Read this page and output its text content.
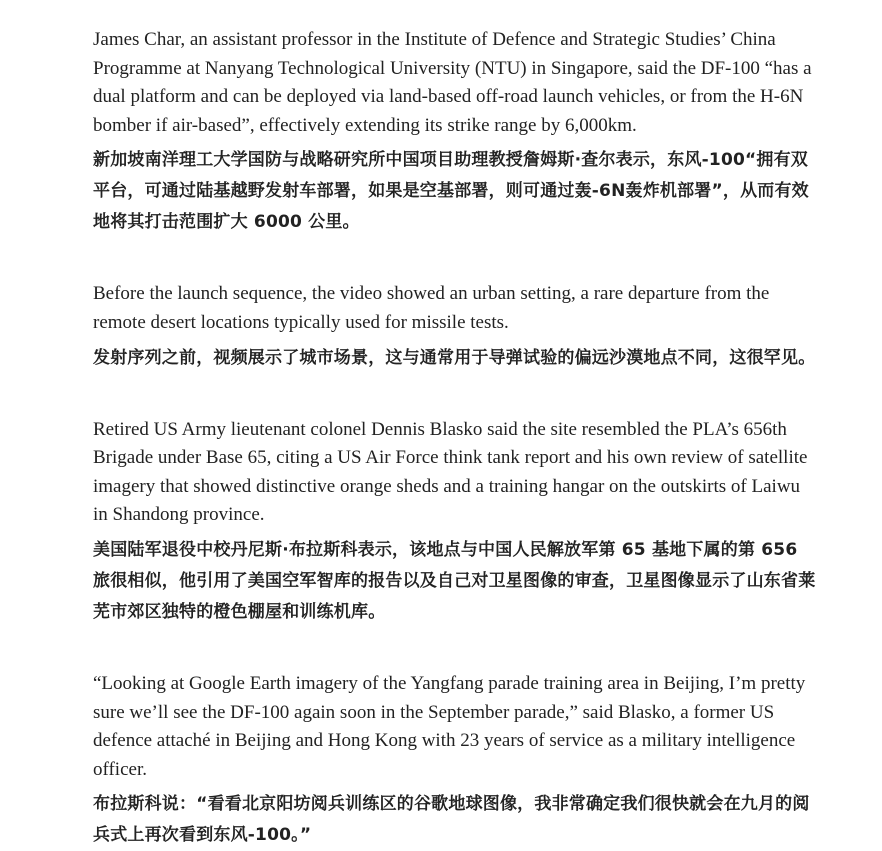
James Char, an assistant professor in the Institute of Defence and Strategic Studies’ China Programme at Nanyang Technological University (NTU) in Singapore, said the DF-100 “has a dual platform and can be deployed via land-based off-road launch vehicles, or from the H-6N bomber if air-based”, effectively extending its strike range by 6,000km.

新加坡南洋理工大学国防与战略研究所中国项目助理教授詹姆斯·查尔表示，东风-100“拥有双平台，可通过陆基越野发射车部署，如果是空基部署，则可通过轰-6N轰炸机部署”，从而有效地将其打击范围扩大 6000 公里。

Before the launch sequence, the video showed an urban setting, a rare departure from the remote desert locations typically used for missile tests.

发射序列之前，视频展示了城市场景，这与通常用于导弹试验的偏远沙漠地点不同，这很罕见。

Retired US Army lieutenant colonel Dennis Blasko said the site resembled the PLA’s 656th Brigade under Base 65, citing a US Air Force think tank report and his own review of satellite imagery that showed distinctive orange sheds and a training hangar on the outskirts of Laiwu in Shandong province.

美国陆军退役中校丹尼斯·布拉斯科表示，该地点与中国人民解放军第 65 基地下属的第 656 旅很相似，他引用了美国空军智库的报告以及自己对卫星图像的审查，卫星图像显示了山东省莱芜市郊区独特的橙色棚屋和训练机库。

“Looking at Google Earth imagery of the Yangfang parade training area in Beijing, I’m pretty sure we’ll see the DF-100 again soon in the September parade,” said Blasko, a former US defence attaché in Beijing and Hong Kong with 23 years of service as a military intelligence officer.

布拉斯科说：“看看北京阳坊阅兵训练区的谷歌地球图像，我非常确定我们很快就会在九月的阅兵式上再次看到东风-100。”
